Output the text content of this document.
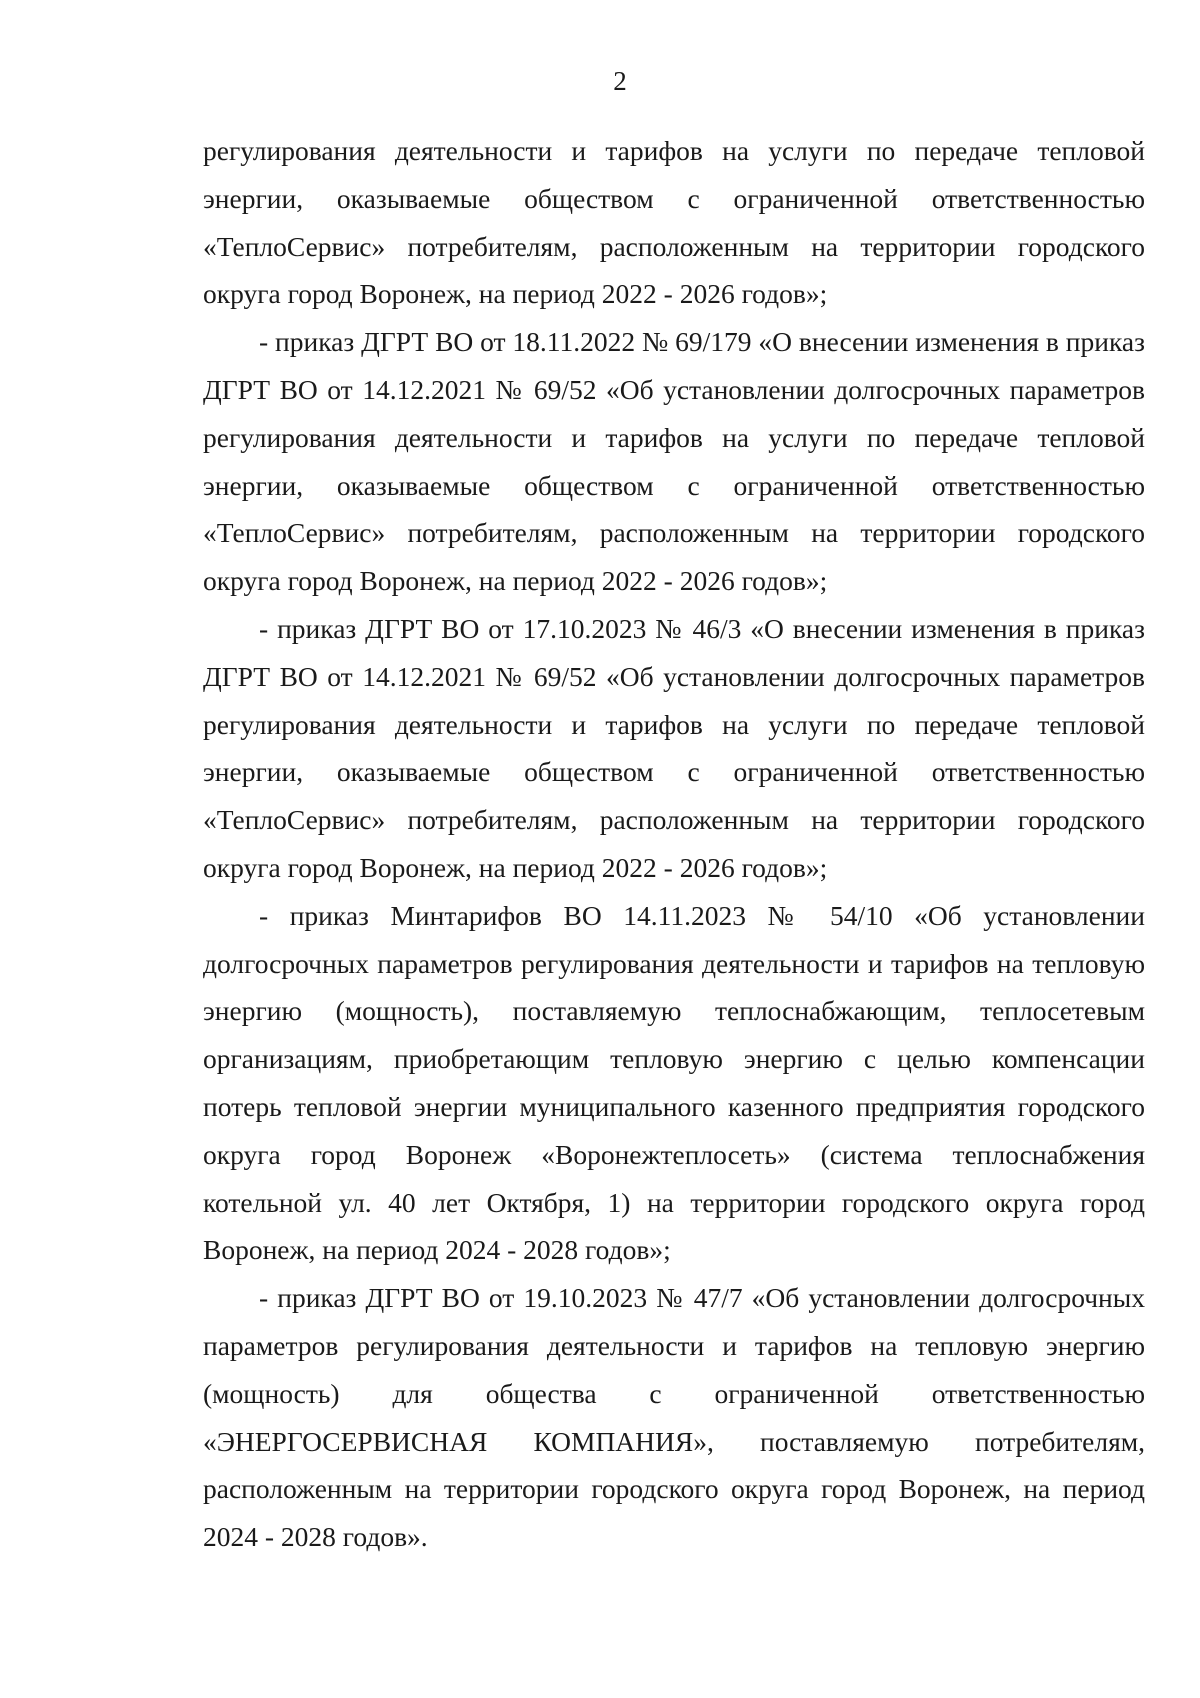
2

регулирования деятельности и тарифов на услуги по передаче тепловой энергии, оказываемые обществом с ограниченной ответственностью «ТеплоСервис» потребителям, расположенным на территории городского округа город Воронеж, на период 2022 - 2026 годов»;

- приказ ДГРТ ВО от 18.11.2022 № 69/179 «О внесении изменения в приказ ДГРТ ВО от 14.12.2021 № 69/52 «Об установлении долгосрочных параметров регулирования деятельности и тарифов на услуги по передаче тепловой энергии, оказываемые обществом с ограниченной ответственностью «ТеплоСервис» потребителям, расположенным на территории городского округа город Воронеж, на период 2022 - 2026 годов»;

- приказ ДГРТ ВО от 17.10.2023 № 46/3 «О внесении изменения в приказ ДГРТ ВО от 14.12.2021 № 69/52 «Об установлении долгосрочных параметров регулирования деятельности и тарифов на услуги по передаче тепловой энергии, оказываемые обществом с ограниченной ответственностью «ТеплоСервис» потребителям, расположенным на территории городского округа город Воронеж, на период 2022 - 2026 годов»;

- приказ Минтарифов ВО 14.11.2023 № 54/10 «Об установлении долгосрочных параметров регулирования деятельности и тарифов на тепловую энергию (мощность), поставляемую теплоснабжающим, теплосетевым организациям, приобретающим тепловую энергию с целью компенсации потерь тепловой энергии муниципального казенного предприятия городского округа город Воронеж «Воронежтеплосеть» (система теплоснабжения котельной ул. 40 лет Октября, 1) на территории городского округа город Воронеж, на период 2024 - 2028 годов»;

- приказ ДГРТ ВО от 19.10.2023 № 47/7 «Об установлении долгосрочных параметров регулирования деятельности и тарифов на тепловую энергию (мощность) для общества с ограниченной ответственностью «ЭНЕРГОСЕРВИСНАЯ КОМПАНИЯ», поставляемую потребителям, расположенным на территории городского округа город Воронеж, на период 2024 - 2028 годов».
